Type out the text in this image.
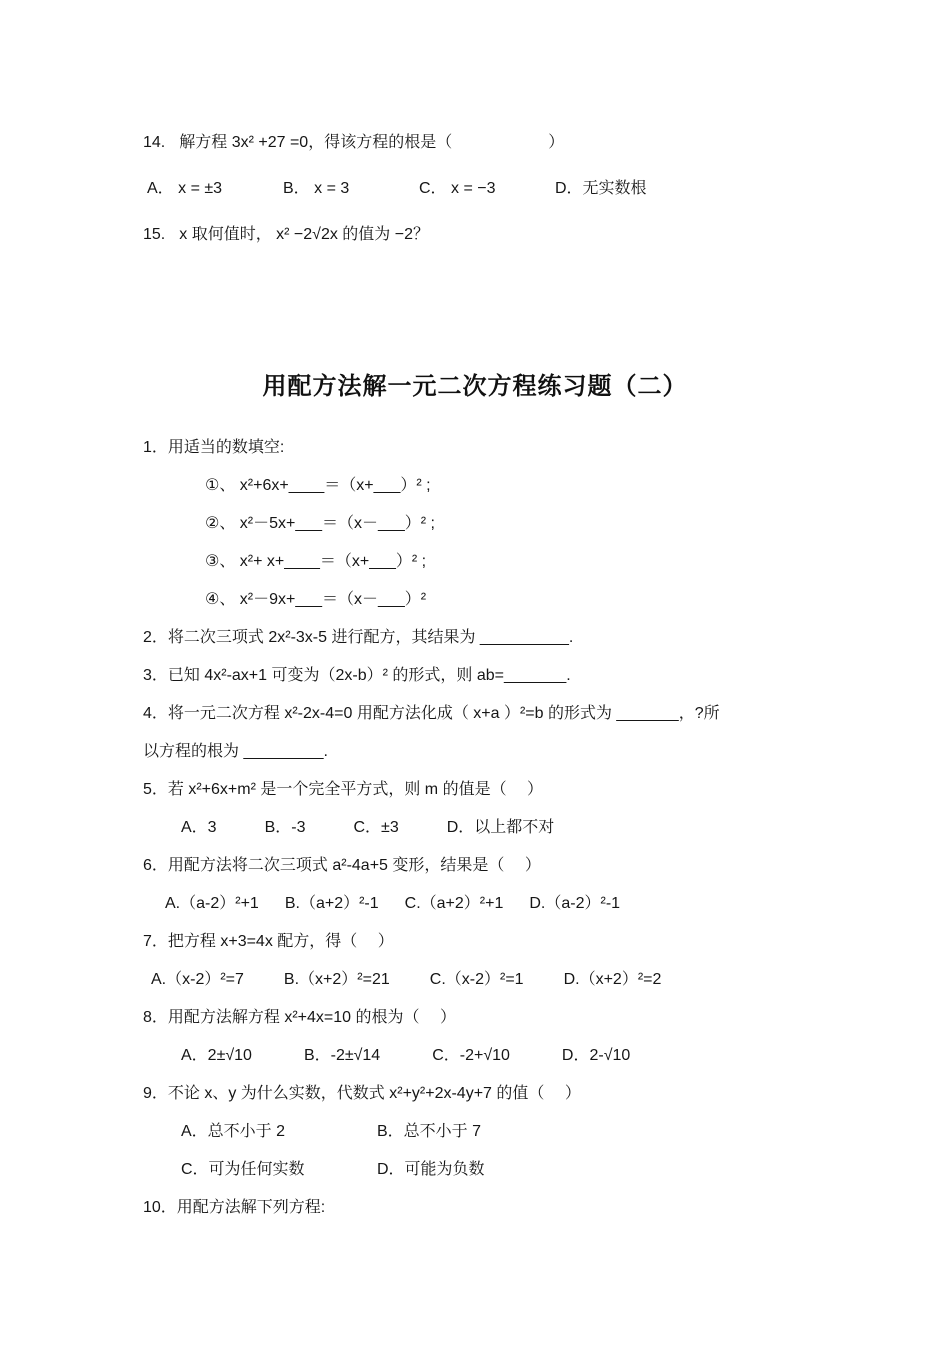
14. 解方程 3x² +27 =0，得该方程的根是（　　　　　　）
A． x = ±3	B． x = 3	C． x = −3	D．无实数根
15. x 取何值时， x² −2√2x 的值为 −2？
用配方法解一元二次方程练习题（二）
1．用适当的数填空:
①、 x²+6x+____＝（x+___）² ;
②、 x²－5x+___＝（x－___）² ;
③、 x²+ x+____＝（x+___）² ;
④、 x²－9x+___＝（x－___）²
2．将二次三项式 2x²-3x-5 进行配方，其结果为 __________.
3．已知 4x²-ax+1 可变为（2x-b）² 的形式，则 ab=_______.
4．将一元二次方程 x²-2x-4=0 用配方法化成（ x+a ）²=b 的形式为 _______，?所
以方程的根为 _________.
5．若 x²+6x+m² 是一个完全平方式，则 m 的值是（　 ）
A．3	B．-3	C．±3	D．以上都不对
6．用配方法将二次三项式 a²-4a+5 变形，结果是（　 ）
A.（a-2）²+1 B.（a+2）²-1 C.（a+2）²+1 D.（a-2）²-1
7．把方程 x+3=4x 配方，得（　 ）
A.（x-2）²=7	B.（x+2）²=21	C.（x-2）²=1	D.（x+2）²=2
8．用配方法解方程 x²+4x=10 的根为（　 ）
A．2±√10	B．-2±√14	C．-2+√10	D．2-√10
9．不论 x、y 为什么实数，代数式 x²+y²+2x-4y+7 的值（　 ）
A．总不小于 2	B．总不小于 7
C．可为任何实数	D．可能为负数
10．用配方法解下列方程:
